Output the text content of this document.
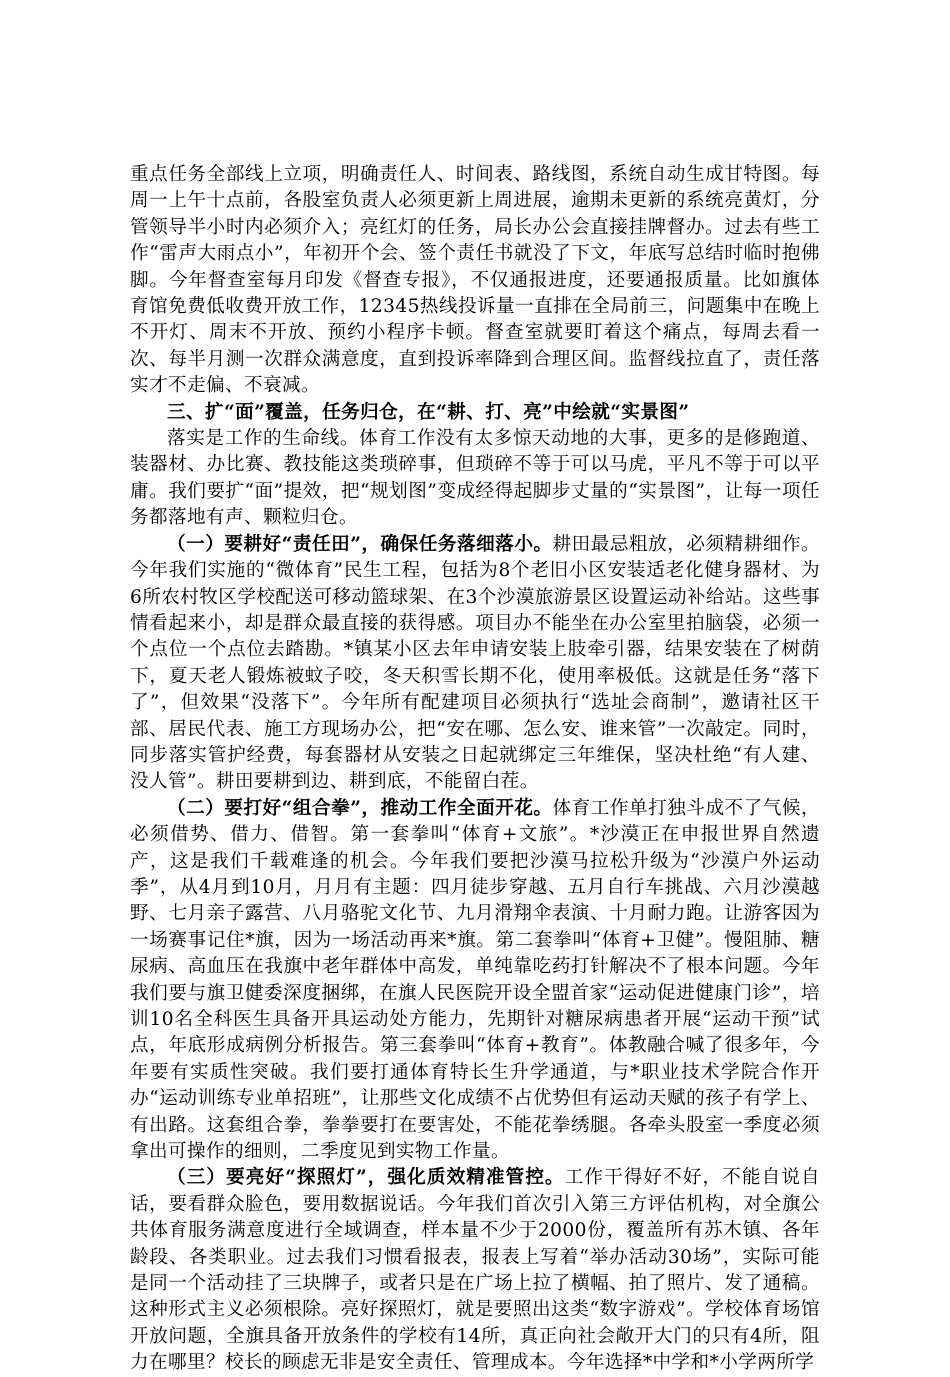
重点任务全部线上立项，明确责任人、时间表、路线图，系统自动生成甘特图。每周一上午十点前，各股室负责人必须更新上周进展，逾期未更新的系统亮黄灯，分管领导半小时内必须介入；亮红灯的任务，局长办公会直接挂牌督办。过去有些工作“雷声大雨点小”，年初开个会、签个责任书就没了下文，年底写总结时临时抱佛脚。今年督查室每月印发《督查专报》，不仅通报进度，还要通报质量。比如旗体育馆免费低收费开放工作，12345热线投诉量一直排在全局前三，问题集中在晚上不开灯、周末不开放、预约小程序卡顿。督查室就要盯着这个痛点，每周去看一次、每半月测一次群众满意度，直到投诉率降到合理区间。监督线拉直了，责任落实才不走偏、不衰减。

三、扩“面”覆盖，任务归仓，在“耕、打、亮”中绘就“实景图”

落实是工作的生命线。体育工作没有太多惊天动地的大事，更多的是修跑道、装器材、办比赛、教技能这类琐碎事，但琐碎不等于可以马虎，平凡不等于可以平庸。我们要扩“面”提效，把“规划图”变成经得起脚步丈量的“实景图”，让每一项任务都落地有声、颗粒归仓。

（一）要耕好“责任田”，确保任务落细落小。耕田最忌粗放，必须精耕细作。今年我们实施的“微体育”民生工程，包括为8个老旧小区安装适老化健身器材、为6所农村牧区学校配送可移动篮球架、在3个沙漠旅游景区设置运动补给站。这些事情看起来小，却是群众最直接的获得感。项目办不能坐在办公室里拍脑袋，必须一个点位一个点位去踏勘。*镇某小区去年申请安装上肢牵引器，结果安装在了树荫下，夏天老人锻炼被蚊子咬，冬天积雪长期不化，使用率极低。这就是任务“落下了”，但效果“没落下”。今年所有配建项目必须执行“选址会商制”，邀请社区干部、居民代表、施工方现场办公，把“安在哪、怎么安、谁来管”一次敲定。同时，同步落实管护经费，每套器材从安装之日起就绑定三年维保，坚决杜绝“有人建、没人管”。耕田要耕到边、耕到底，不能留白茬。

（二）要打好“组合拳”，推动工作全面开花。体育工作单打独斗成不了气候，必须借势、借力、借智。第一套拳叫“体育+文旅”。*沙漠正在申报世界自然遗产，这是我们千载难逢的机会。今年我们要把沙漠马拉松升级为“沙漠户外运动季”，从4月到10月，月月有主题：四月徒步穿越、五月自行车挑战、六月沙漠越野、七月亲子露营、八月骆驼文化节、九月滑翔伞表演、十月耐力跑。让游客因为一场赛事记住*旗，因为一场活动再来*旗。第二套拳叫“体育+卫健”。慢阻肺、糖尿病、高血压在我旗中老年群体中高发，单纯靠吃药打针解决不了根本问题。今年我们要与旗卫健委深度捆绑，在旗人民医院开设全盟首家“运动促进健康门诊”，培训10名全科医生具备开具运动处方能力，先期针对糖尿病患者开展“运动干预”试点，年底形成病例分析报告。第三套拳叫“体育+教育”。体教融合喊了很多年，今年要有实质性突破。我们要打通体育特长生升学通道，与*职业技术学院合作开办“运动训练专业单招班”，让那些文化成绩不占优势但有运动天赋的孩子有学上、有出路。这套组合拳，拳拳要打在要害处，不能花拳绣腿。各牵头股室一季度必须拿出可操作的细则，二季度见到实物工作量。

（三）要亮好“探照灯”，强化质效精准管控。工作干得好不好，不能自说自话，要看群众脸色，要用数据说话。今年我们首次引入第三方评估机构，对全旗公共体育服务满意度进行全域调查，样本量不少于2000份，覆盖所有苏木镇、各年龄段、各类职业。过去我们习惯看报表，报表上写着“举办活动30场”，实际可能是同一个活动挂了三块牌子，或者只是在广场上拉了横幅、拍了照片、发了通稿。这种形式主义必须根除。亮好探照灯，就是要照出这类“数字游戏”。学校体育场馆开放问题，全旗具备开放条件的学校有14所，真正向社会敞开大门的只有4所，阻力在哪里？校长的顾虑无非是安全责任、管理成本。今年选择*中学和*小学两所学
